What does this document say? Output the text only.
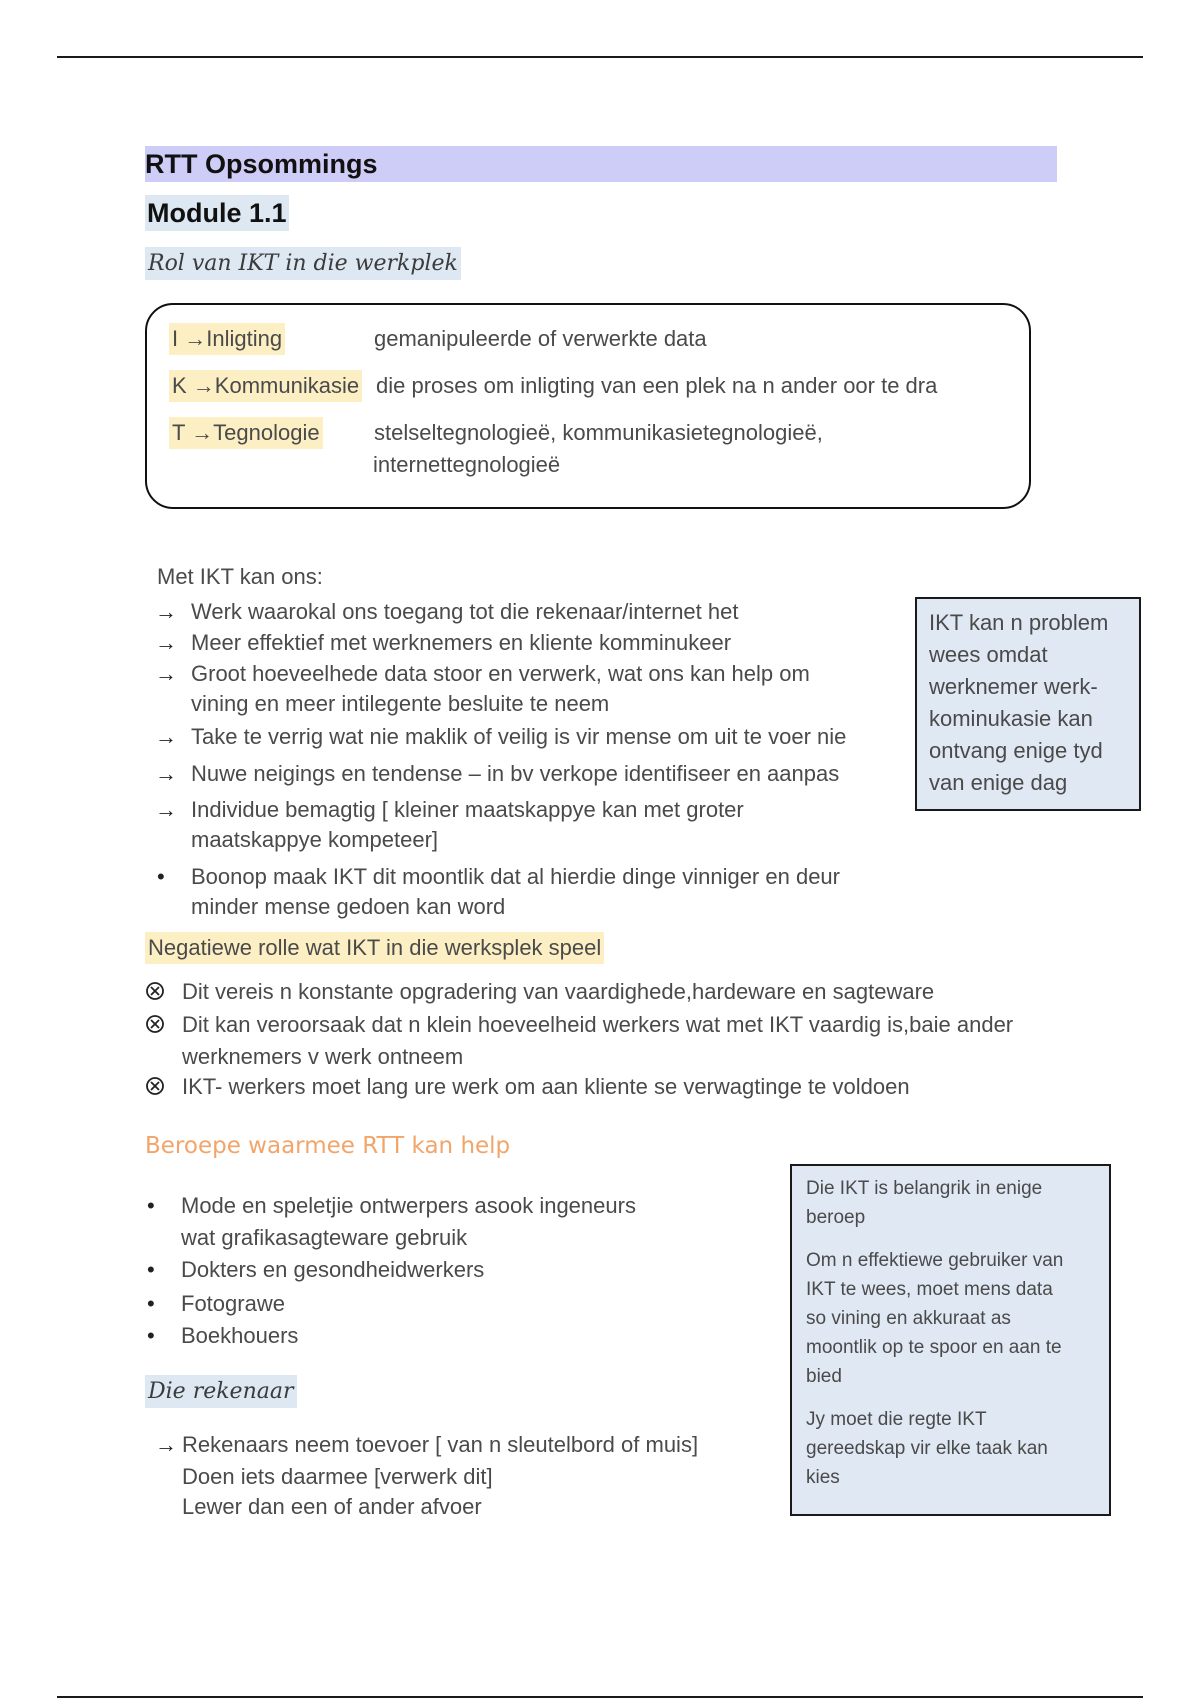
RTT Opsommings
Module 1.1
Rol van IKT in die werkplek
I →Inligting	gemanipuleerde of verwerkte data
K →Kommunikasie die proses om inligting van een plek na n ander oor te dra
T →Tegnologie stelseltegnologieë, kommunikasietegnologieë,
internettegnologieë
Met IKT kan ons:
→ Werk waarokal ons toegang tot die rekenaar/internet het
→ Meer effektief met werknemers en kliente komminukeer
→ Groot hoeveelhede data stoor en verwerk, wat ons kan help om
vining en meer intilegente besluite te neem
→ Take te verrig wat nie maklik of veilig is vir mense om uit te voer nie
→ Nuwe neigings en tendense – in bv verkope identifiseer en aanpas
→ Individue bemagtig [ kleiner maatskappye kan met groter
maatskappye kompeteer]
•	Boonop maak IKT dit moontlik dat al hierdie dinge vinniger en deur
minder mense gedoen kan word
IKT kan n problem
wees omdat
werknemer werk-
kominukasie kan
ontvang enige tyd
van enige dag
Negatiewe rolle wat IKT in die werksplek speel
Dit vereis n konstante opgradering van vaardighede,hardeware en sagteware
Dit kan veroorsaak dat n klein hoeveelheid werkers wat met IKT vaardig is,baie ander
werknemers v werk ontneem
IKT- werkers moet lang ure werk om aan kliente se verwagtinge te voldoen
Beroepe waarmee RTT kan help
•	Mode en speletjie ontwerpers asook ingeneurs
wat grafikasagteware gebruik
•	Dokters en gesondheidwerkers
•	Fotograwe
•	Boekhouers
Die IKT is belangrik in enige
beroep
Om n effektiewe gebruiker van
IKT te wees, moet mens data
so vining en akkuraat as
moontlik op te spoor en aan te
bied
Jy moet die regte IKT
gereedskap vir elke taak kan
kies
Die rekenaar
→ Rekenaars neem toevoer [ van n sleutelbord of muis]
Doen iets daarmee [verwerk dit]
Lewer dan een of ander afvoer
